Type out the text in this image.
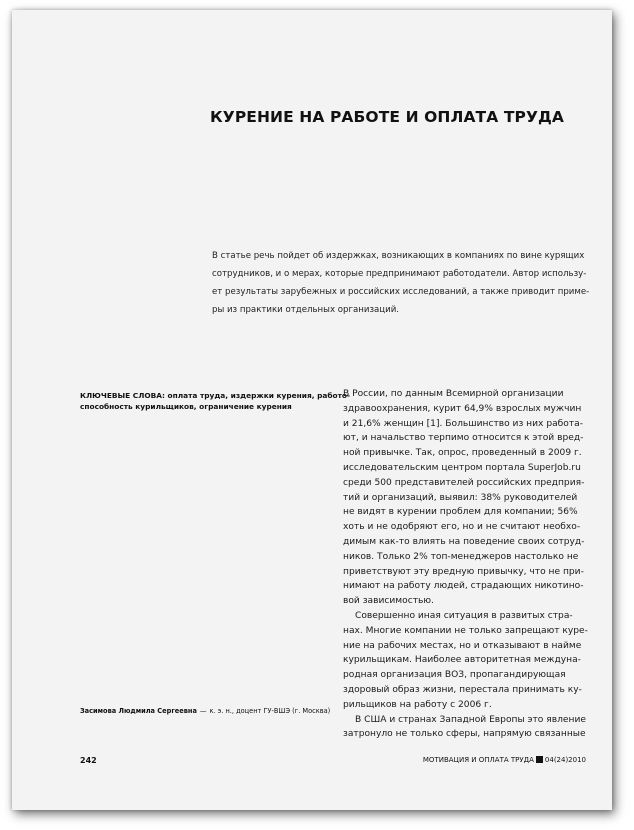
КУРЕНИЕ НА РАБОТЕ И ОПЛАТА ТРУДА
В статье речь пойдет об издержках, возникающих в компаниях по вине курящих
сотрудников, и о мерах, которые предпринимают работодатели. Автор использу-
ет результаты зарубежных и российских исследований, а также приводит приме-
ры из практики отдельных организаций.
КЛЮЧЕВЫЕ СЛОВА: оплата труда, издержки курения, работо-
способность курильщиков, ограничение курения
В России, по данным Всемирной организации
здравоохранения, курит 64,9% взрослых мужчин
и 21,6% женщин [1]. Большинство из них работа-
ют, и начальство терпимо относится к этой вред-
ной привычке. Так, опрос, проведенный в 2009 г.
исследовательским центром портала SuperJob.ru
среди 500 представителей российских предприя-
тий и организаций, выявил: 38% руководителей
не видят в курении проблем для компании; 56%
хоть и не одобряют его, но и не считают необхо-
димым как-то влиять на поведение своих сотруд-
ников. Только 2% топ-менеджеров настолько не
приветствуют эту вредную привычку, что не при-
нимают на работу людей, страдающих никотино-
вой зависимостью.
Совершенно иная ситуация в развитых стра-
нах. Многие компании не только запрещают куре-
ние на рабочих местах, но и отказывают в найме
курильщикам. Наиболее авторитетная междуна-
родная организация ВОЗ, пропагандирующая
здоровый образ жизни, перестала принимать ку-
рильщиков на работу с 2006 г.
В США и странах Западной Европы это явление
затронуло не только сферы, напрямую связанные
Засимова Людмила Сергеевна — к. э. н., доцент ГУ-ВШЭ (г. Москва)
242	МОТИВАЦИЯ И ОПЛАТА ТРУДА 04(24)2010
